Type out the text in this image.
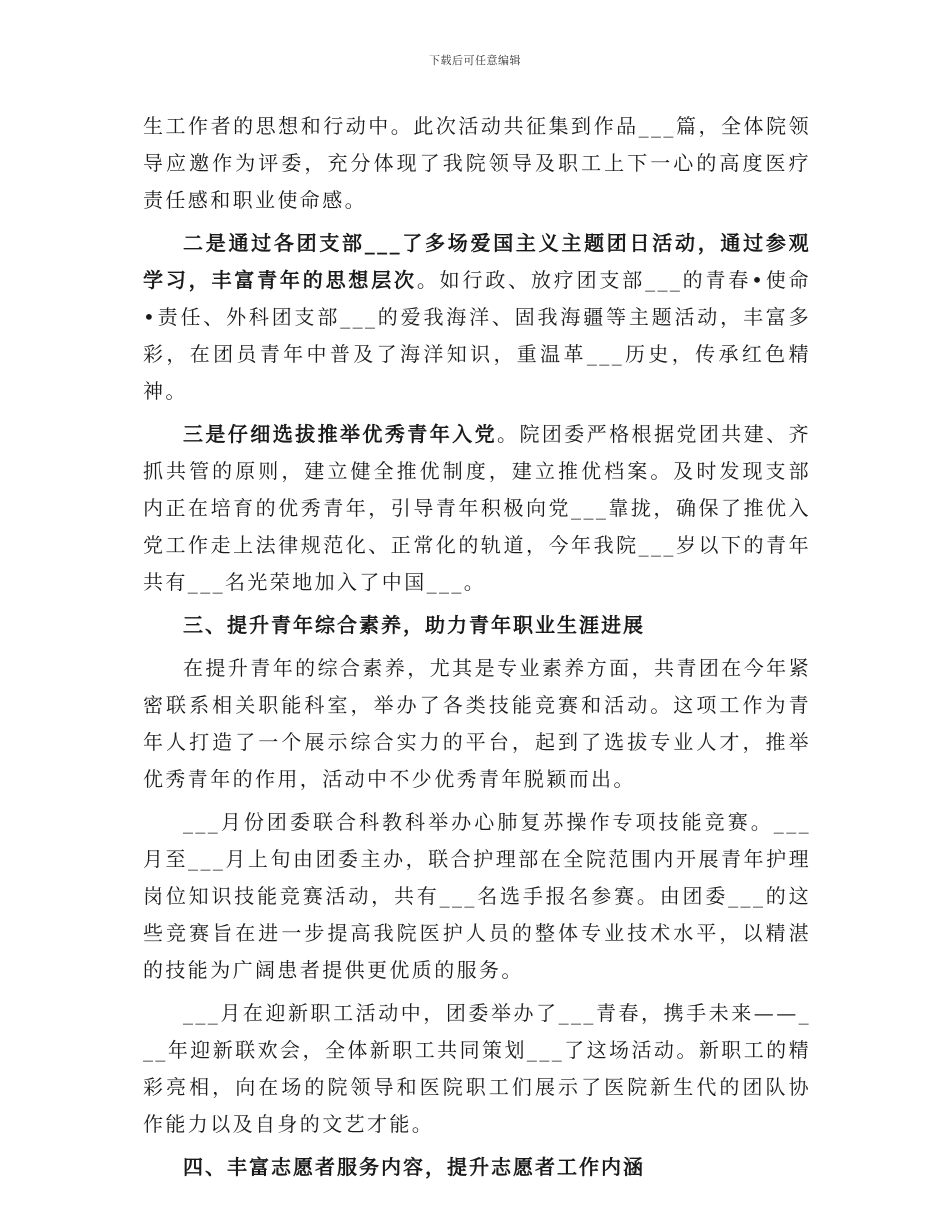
下载后可任意编辑

生工作者的思想和行动中。此次活动共征集到作品___篇，全体院领导应邀作为评委，充分体现了我院领导及职工上下一心的高度医疗责任感和职业使命感。

二是通过各团支部___了多场爱国主义主题团日活动，通过参观学习，丰富青年的思想层次。如行政、放疗团支部___的青春•使命•责任、外科团支部___的爱我海洋、固我海疆等主题活动，丰富多彩，在团员青年中普及了海洋知识，重温革___历史，传承红色精神。

三是仔细选拔推举优秀青年入党。院团委严格根据党团共建、齐抓共管的原则，建立健全推优制度，建立推优档案。及时发现支部内正在培育的优秀青年，引导青年积极向党___靠拢，确保了推优入党工作走上法律规范化、正常化的轨道，今年我院___岁以下的青年共有___名光荣地加入了中国___。

三、提升青年综合素养，助力青年职业生涯进展

在提升青年的综合素养，尤其是专业素养方面，共青团在今年紧密联系相关职能科室，举办了各类技能竞赛和活动。这项工作为青年人打造了一个展示综合实力的平台，起到了选拔专业人才，推举优秀青年的作用，活动中不少优秀青年脱颖而出。

___月份团委联合科教科举办心肺复苏操作专项技能竞赛。___月至___月上旬由团委主办，联合护理部在全院范围内开展青年护理岗位知识技能竞赛活动，共有___名选手报名参赛。由团委___的这些竞赛旨在进一步提高我院医护人员的整体专业技术水平，以精湛的技能为广阔患者提供更优质的服务。

___月在迎新职工活动中，团委举办了___青春，携手未来——___年迎新联欢会，全体新职工共同策划___了这场活动。新职工的精彩亮相，向在场的院领导和医院职工们展示了医院新生代的团队协作能力以及自身的文艺才能。

四、丰富志愿者服务内容，提升志愿者工作内涵
